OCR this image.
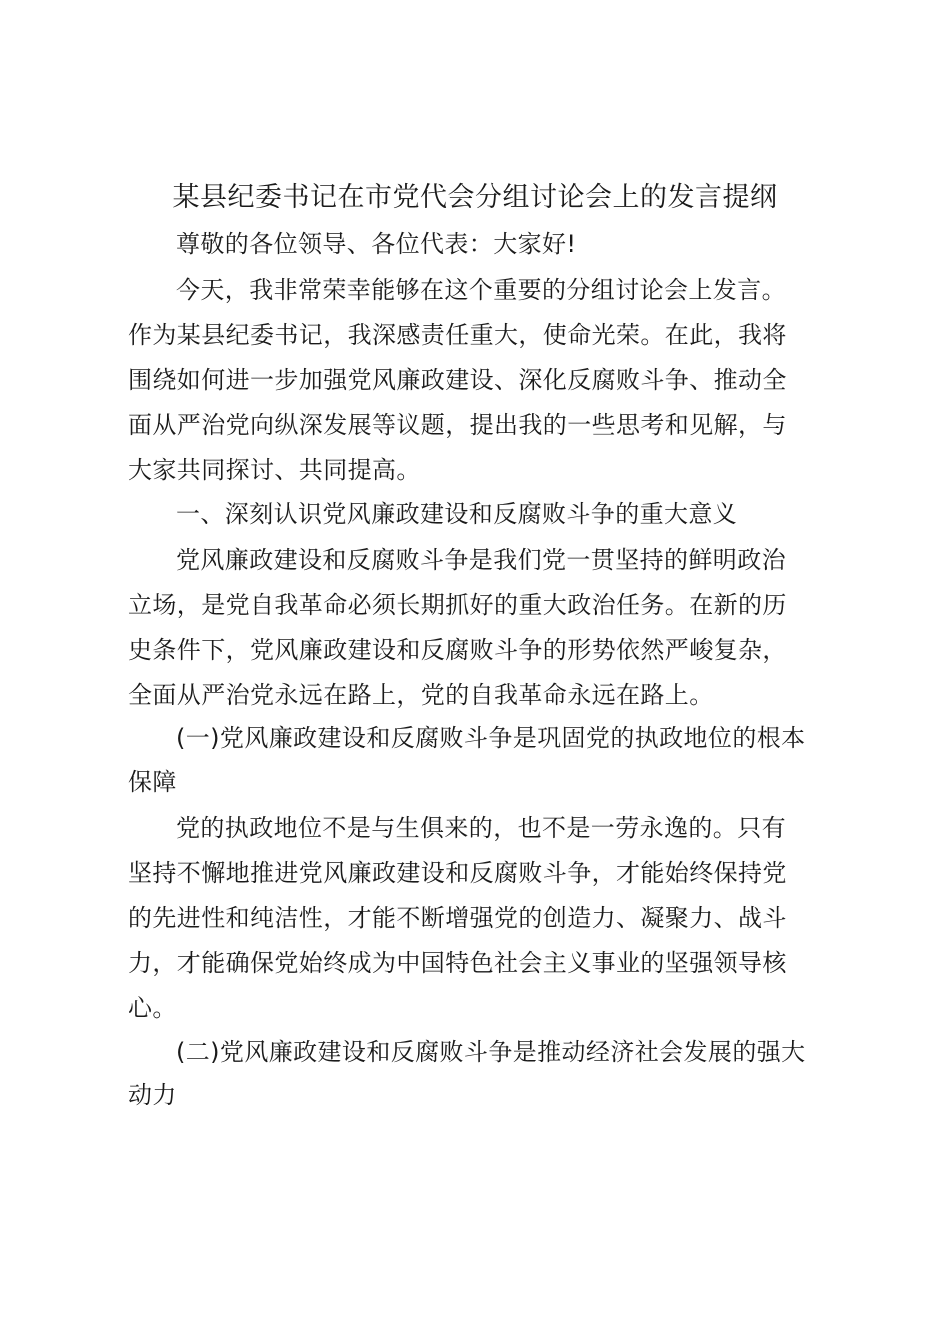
某县纪委书记在市党代会分组讨论会上的发言提纲
尊敬的各位领导、各位代表：大家好!
今天，我非常荣幸能够在这个重要的分组讨论会上发言。
作为某县纪委书记，我深感责任重大，使命光荣。在此，我将
围绕如何进一步加强党风廉政建设、深化反腐败斗争、推动全
面从严治党向纵深发展等议题，提出我的一些思考和见解，与
大家共同探讨、共同提高。
一、深刻认识党风廉政建设和反腐败斗争的重大意义
党风廉政建设和反腐败斗争是我们党一贯坚持的鲜明政治
立场，是党自我革命必须长期抓好的重大政治任务。在新的历
史条件下，党风廉政建设和反腐败斗争的形势依然严峻复杂，
全面从严治党永远在路上，党的自我革命永远在路上。
(一)党风廉政建设和反腐败斗争是巩固党的执政地位的根本
保障
党的执政地位不是与生俱来的，也不是一劳永逸的。只有
坚持不懈地推进党风廉政建设和反腐败斗争，才能始终保持党
的先进性和纯洁性，才能不断增强党的创造力、凝聚力、战斗
力，才能确保党始终成为中国特色社会主义事业的坚强领导核
心。
(二)党风廉政建设和反腐败斗争是推动经济社会发展的强大
动力
